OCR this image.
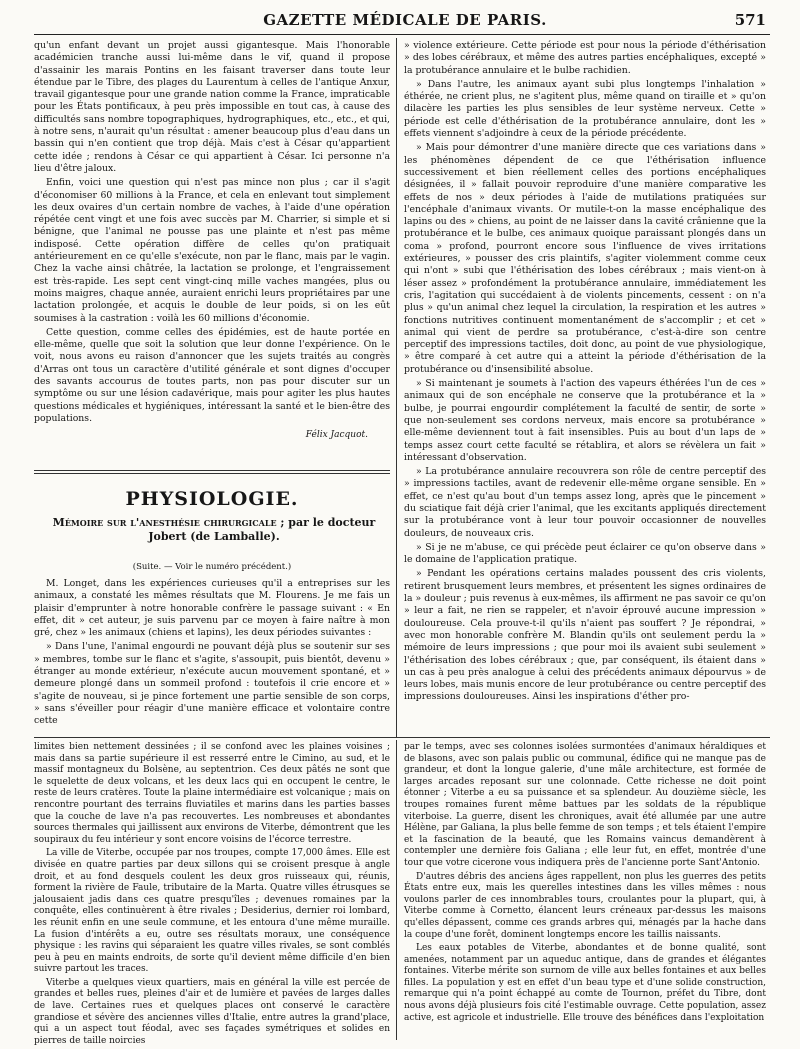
GAZETTE MÉDICALE DE PARIS.	571

qu'un enfant devant un projet aussi gigantesque. Mais l'honorable académicien tranche aussi lui-même dans le vif, quand il propose d'assainir les marais Pontins en les faisant traverser dans toute leur étendue par le Tibre, des plages du Laurentum à celles de l'antique Anxur, travail gigantesque pour une grande nation comme la France, impraticable pour les États pontificaux, à peu près impossible en tout cas, à cause des difficultés sans nombre topographiques, hydrographiques, etc., etc., et qui, à notre sens, n'aurait qu'un résultat : amener beaucoup plus d'eau dans un bassin qui n'en contient que trop déjà. Mais c'est à César qu'appartient cette idée ; rendons à César ce qui appartient à César. Ici personne n'a lieu d'être jaloux.

Enfin, voici une question qui n'est pas mince non plus ; car il s'agit d'économiser 60 millions à la France, et cela en enlevant tout simplement les deux ovaires d'un certain nombre de vaches, à l'aide d'une opération répétée cent vingt et une fois avec succès par M. Charrier, si simple et si bénigne, que l'animal ne pousse pas une plainte et n'est pas même indisposé. Cette opération diffère de celles qu'on pratiquait antérieurement en ce qu'elle s'exécute, non par le flanc, mais par le vagin. Chez la vache ainsi châtrée, la lactation se prolonge, et l'engraissement est très-rapide. Les sept cent vingt-cinq mille vaches mangées, plus ou moins maigres, chaque année, auraient enrichi leurs propriétaires par une lactation prolongée, et acquis le double de leur poids, si on les eût soumises à la castration : voilà les 60 millions d'économie.

Cette question, comme celles des épidémies, est de haute portée en elle-même, quelle que soit la solution que leur donne l'expérience. On le voit, nous avons eu raison d'annoncer que les sujets traités au congrès d'Arras ont tous un caractère d'utilité générale et sont dignes d'occuper des savants accourus de toutes parts, non pas pour discuter sur un symptôme ou sur une lésion cadavérique, mais pour agiter les plus hautes questions médicales et hygiéniques, intéressant la santé et le bien-être des populations.

Félix Jacquot.
PHYSIOLOGIE.
Mémoire sur l'anesthésie chirurgicale ; par le docteur Jobert (de Lamballe).
(Suite. — Voir le numéro précédent.)

M. Longet, dans les expériences curieuses qu'il a entreprises sur les animaux, a constaté les mêmes résultats que M. Flourens. Je me fais un plaisir d'emprunter à notre honorable confrère le passage suivant : « En effet, dit » cet auteur, je suis parvenu par ce moyen à faire naître à mon gré, chez » les animaux (chiens et lapins), les deux périodes suivantes :

» Dans l'une, l'animal engourdi ne pouvant déjà plus se soutenir sur ses » membres, tombe sur le flanc et s'agite, s'assoupit, puis bientôt, devenu » étranger au monde extérieur, n'exécute aucun mouvement spontané, et » demeure plongé dans un sommeil profond : toutefois il crie encore et » s'agite de nouveau, si je pince fortement une partie sensible de son corps, » sans s'éveiller pour réagir d'une manière efficace et volontaire contre cette

» violence extérieure. Cette période est pour nous la période d'éthérisation » des lobes cérébraux, et même des autres parties encéphaliques, excepté » la protubérance annulaire et le bulbe rachidien.

» Dans l'autre, les animaux ayant subi plus longtemps l'inhalation » éthérée, ne crient plus, ne s'agitent plus, même quand on tiraille et » qu'on dilacère les parties les plus sensibles de leur système nerveux. Cette » période est celle d'éthérisation de la protubérance annulaire, dont les » effets viennent s'adjoindre à ceux de la période précédente.

» Mais pour démontrer d'une manière directe que ces variations dans » les phénomènes dépendent de ce que l'éthérisation influence successivement et bien réellement celles des portions encéphaliques désignées, il » fallait pouvoir reproduire d'une manière comparative les effets de nos » deux périodes à l'aide de mutilations pratiquées sur l'encéphale d'animaux vivants. Or mutile-t-on la masse encéphalique des lapins ou des » chiens, au point de ne laisser dans la cavité crânienne que la protubérance et le bulbe, ces animaux quoique paraissant plongés dans un coma » profond, pourront encore sous l'influence de vives irritations extérieures, » pousser des cris plaintifs, s'agiter violemment comme ceux qui n'ont » subi que l'éthérisation des lobes cérébraux ; mais vient-on à léser assez » profondément la protubérance annulaire, immédiatement les cris, l'agitation qui succédaient à de violents pincements, cessent : on n'a plus » qu'un animal chez lequel la circulation, la respiration et les autres » fonctions nutritives continuent momentanément de s'accomplir ; et cet » animal qui vient de perdre sa protubérance, c'est-à-dire son centre perceptif des impressions tactiles, doit donc, au point de vue physiologique, » être comparé à cet autre qui a atteint la période d'éthérisation de la protubérance ou d'insensibilité absolue.

» Si maintenant je soumets à l'action des vapeurs éthérées l'un de ces » animaux qui de son encéphale ne conserve que la protubérance et la » bulbe, je pourrai engourdir complétement la faculté de sentir, de sorte » que non-seulement ses cordons nerveux, mais encore sa protubérance » elle-même deviennent tout à fait insensibles. Puis au bout d'un laps de » temps assez court cette faculté se rétablira, et alors se révèlera un fait » intéressant d'observation.

» La protubérance annulaire recouvrera son rôle de centre perceptif des » impressions tactiles, avant de redevenir elle-même organe sensible. En » effet, ce n'est qu'au bout d'un temps assez long, après que le pincement » du sciatique fait déjà crier l'animal, que les excitants appliqués directement sur la protubérance vont à leur tour pouvoir occasionner de nouvelles douleurs, de nouveaux cris.

» Si je ne m'abuse, ce qui précède peut éclairer ce qu'on observe dans » le domaine de l'application pratique.

» Pendant les opérations certains malades poussent des cris violents, retirent brusquement leurs membres, et présentent les signes ordinaires de la » douleur ; puis revenus à eux-mêmes, ils affirment ne pas savoir ce qu'on » leur a fait, ne rien se rappeler, et n'avoir éprouvé aucune impression » douloureuse. Cela prouve-t-il qu'ils n'aient pas souffert ? Je répondrai, » avec mon honorable confrère M. Blandin qu'ils ont seulement perdu la » mémoire de leurs impressions ; que pour moi ils avaient subi seulement » l'éthérisation des lobes cérébraux ; que, par conséquent, ils étaient dans » un cas à peu près analogue à celui des précédents animaux dépourvus » de leurs lobes, mais munis encore de leur protubérance ou centre perceptif des impressions douloureuses. Ainsi les inspirations d'éther pro-

limites bien nettement dessinées ; il se confond avec les plaines voisines ; mais dans sa partie supérieure il est resserré entre le Cimino, au sud, et le massif montagneux du Bolsène, au septentrion. Ces deux pâtés ne sont que le squelette de deux volcans, et les deux lacs qui en occupent le centre, le reste de leurs cratères. Toute la plaine intermédiaire est volcanique ; mais on rencontre pourtant des terrains fluviatiles et marins dans les parties basses que la couche de lave n'a pas recouvertes. Les nombreuses et abondantes sources thermales qui jaillissent aux environs de Viterbe, démontrent que les soupiraux du feu intérieur y sont encore voisins de l'écorce terrestre.

La ville de Viterbe, occupée par nos troupes, compte 17,000 âmes. Elle est divisée en quatre parties par deux sillons qui se croisent presque à angle droit, et au fond desquels coulent les deux gros ruisseaux qui, réunis, forment la rivière de Faule, tributaire de la Marta. Quatre villes étrusques se jalousaient jadis dans ces quatre presqu'îles ; devenues romaines par la conquête, elles continuèrent à être rivales ; Desiderius, dernier roi lombard, les réunit enfin en une seule commune, et les entoura d'une même muraille. La fusion d'intérêts a eu, outre ses résultats moraux, une conséquence physique : les ravins qui séparaient les quatre villes rivales, se sont comblés peu à peu en maints endroits, de sorte qu'il devient même difficile d'en bien suivre partout les traces.

Viterbe a quelques vieux quartiers, mais en général la ville est percée de grandes et belles rues, pleines d'air et de lumière et pavées de larges dalles de lave. Certaines rues et quelques places ont conservé le caractère grandiose et sévère des anciennes villes d'Italie, entre autres la grand'place, qui a un aspect tout féodal, avec ses façades symétriques et solides en pierres de taille noircies

par le temps, avec ses colonnes isolées surmontées d'animaux héraldiques et de blasons, avec son palais public ou communal, édifice qui ne manque pas de grandeur, et dont la longue galerie, d'une mâle architecture, est formée de larges arcades reposant sur une colonnade. Cette richesse ne doit point étonner ; Viterbe a eu sa puissance et sa splendeur. Au douzième siècle, les troupes romaines furent même battues par les soldats de la république viterboise. La guerre, disent les chroniques, avait été allumée par une autre Hélène, par Galiana, la plus belle femme de son temps ; et tels étaient l'empire et la fascination de la beauté, que les Romains vaincus demandèrent à contempler une dernière fois Galiana ; elle leur fut, en effet, montrée d'une tour que votre cicerone vous indiquera près de l'ancienne porte Sant'Antonio.

D'autres débris des anciens âges rappellent, non plus les guerres des petits États entre eux, mais les querelles intestines dans les villes mêmes : nous voulons parler de ces innombrables tours, croulantes pour la plupart, qui, à Viterbe comme à Cornetto, élancent leurs créneaux par-dessus les maisons qu'elles dépassent, comme ces grands arbres qui, ménagés par la hache dans la coupe d'une forêt, dominent longtemps encore les taillis naissants.

Les eaux potables de Viterbe, abondantes et de bonne qualité, sont amenées, notamment par un aqueduc antique, dans de grandes et élégantes fontaines. Viterbe mérite son surnom de ville aux belles fontaines et aux belles filles. La population y est en effet d'un beau type et d'une solide construction, remarque qui n'a point échappé au comte de Tournon, préfet du Tibre, dont nous avons déjà plusieurs fois cité l'estimable ouvrage. Cette population, assez active, est agricole et industrielle. Elle trouve des bénéfices dans l'exploitation
